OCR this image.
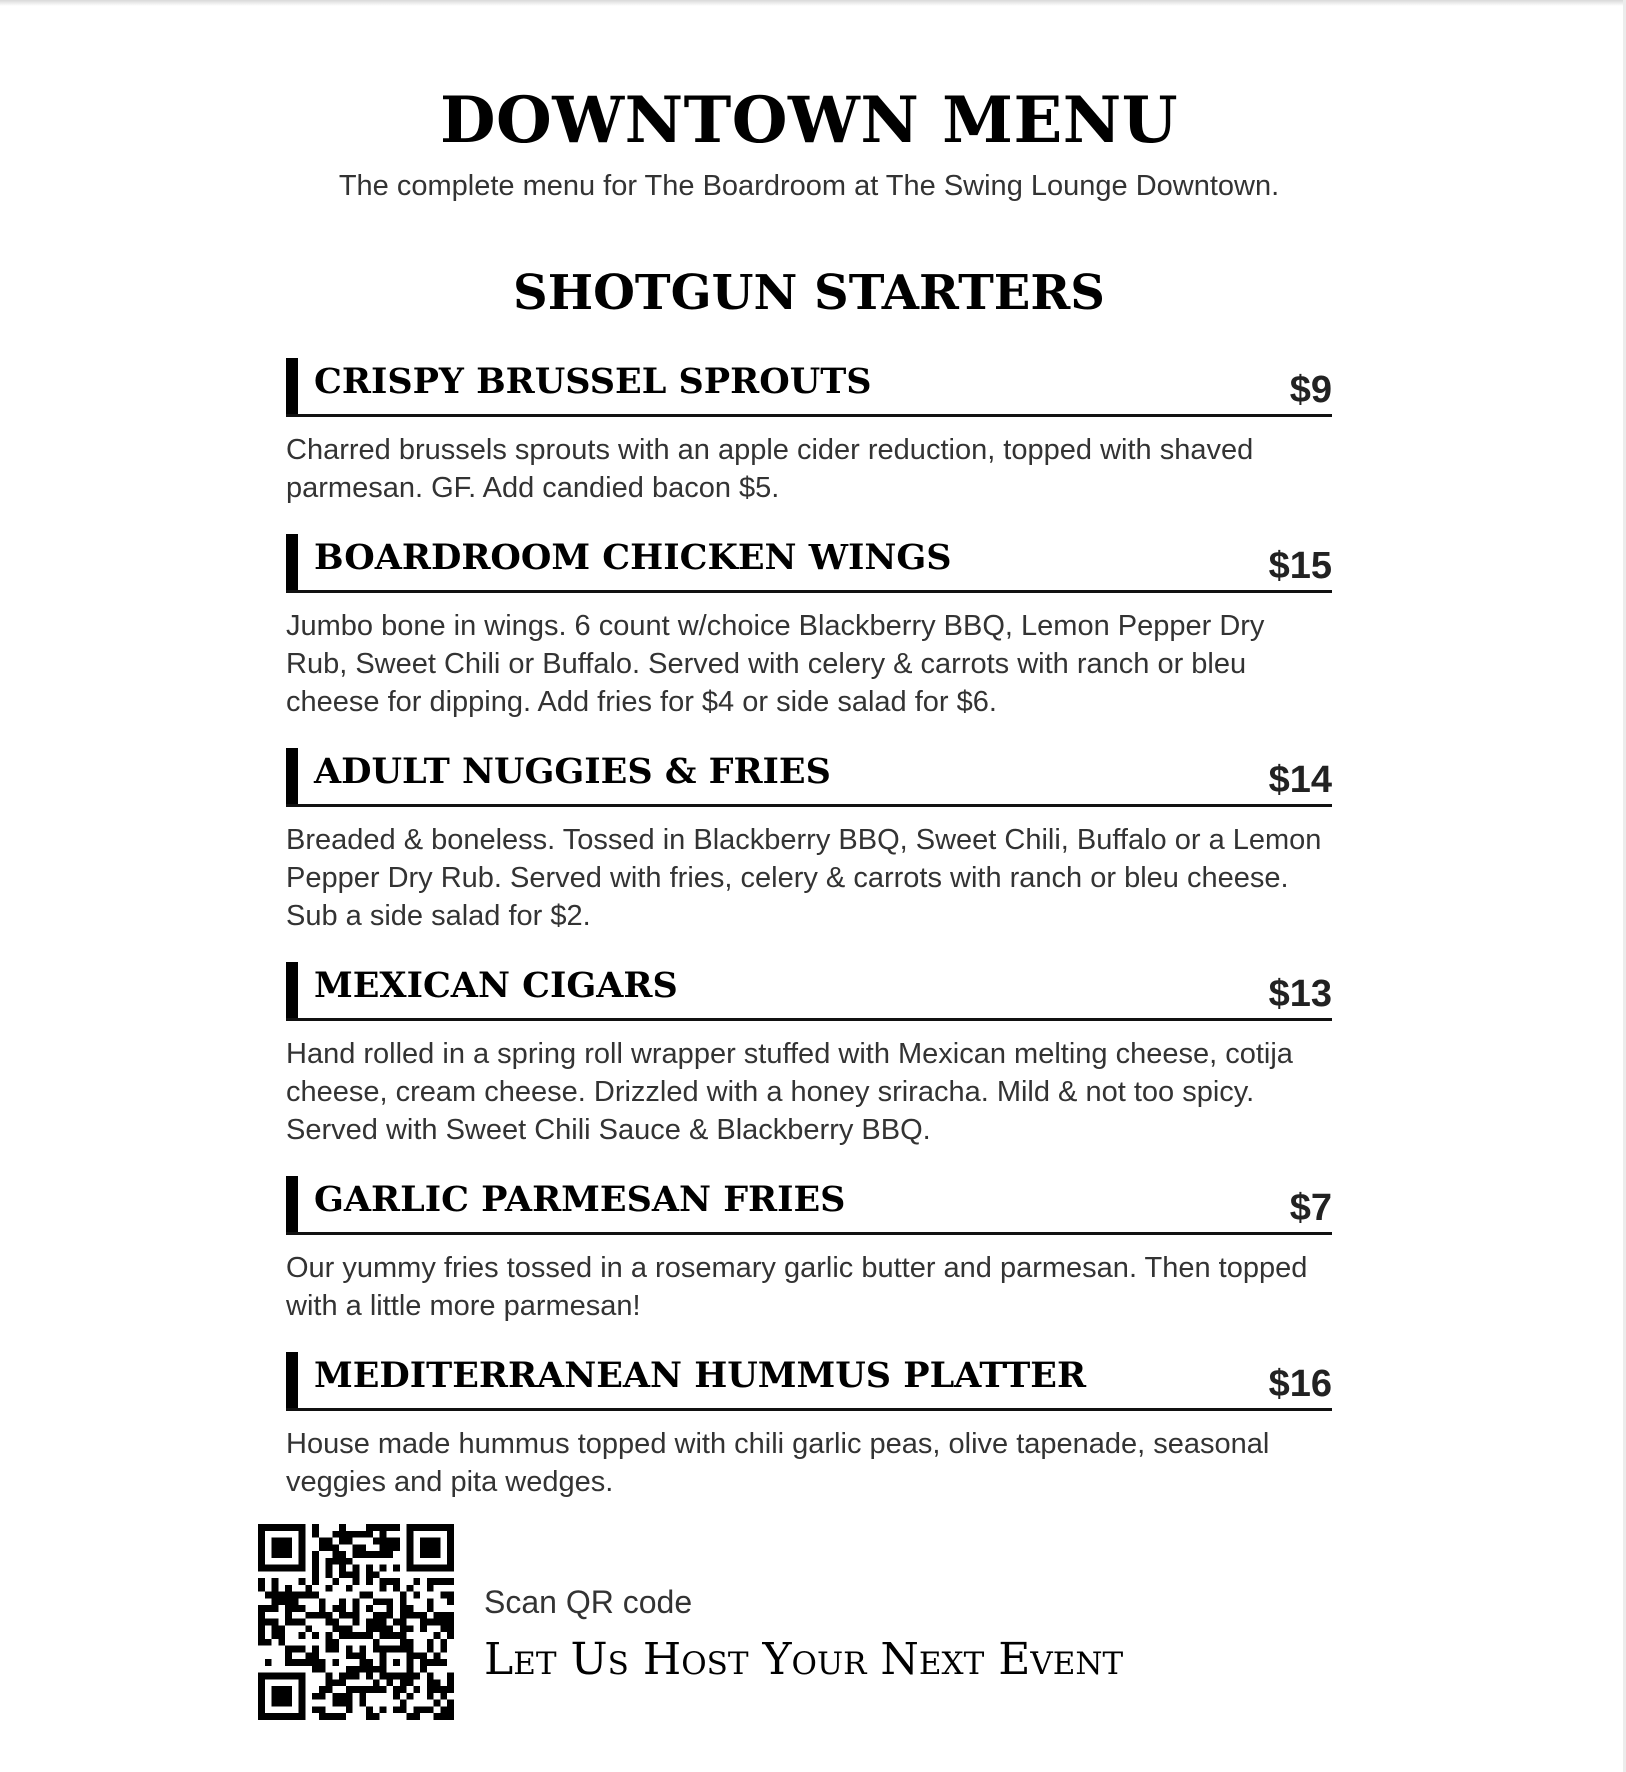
DOWNTOWN MENU

The complete menu for The Boardroom at The Swing Lounge Downtown.

SHOTGUN STARTERS
CRISPY BRUSSEL SPROUTS	$9
Charred brussels sprouts with an apple cider reduction, topped with shaved parmesan. GF. Add candied bacon $5.
BOARDROOM CHICKEN WINGS	$15
Jumbo bone in wings. 6 count w/choice Blackberry BBQ, Lemon Pepper Dry Rub, Sweet Chili or Buffalo. Served with celery & carrots with ranch or bleu cheese for dipping. Add fries for $4 or side salad for $6.
ADULT NUGGIES & FRIES	$14
Breaded & boneless. Tossed in Blackberry BBQ, Sweet Chili, Buffalo or a Lemon Pepper Dry Rub. Served with fries, celery & carrots with ranch or bleu cheese. Sub a side salad for $2.
MEXICAN CIGARS	$13
Hand rolled in a spring roll wrapper stuffed with Mexican melting cheese, cotija cheese, cream cheese. Drizzled with a honey sriracha. Mild & not too spicy. Served with Sweet Chili Sauce & Blackberry BBQ.
GARLIC PARMESAN FRIES	$7
Our yummy fries tossed in a rosemary garlic butter and parmesan. Then topped with a little more parmesan!
MEDITERRANEAN HUMMUS PLATTER	$16
House made hummus topped with chili garlic peas, olive tapenade, seasonal veggies and pita wedges.
Scan QR code
Let Us Host Your Next Event
